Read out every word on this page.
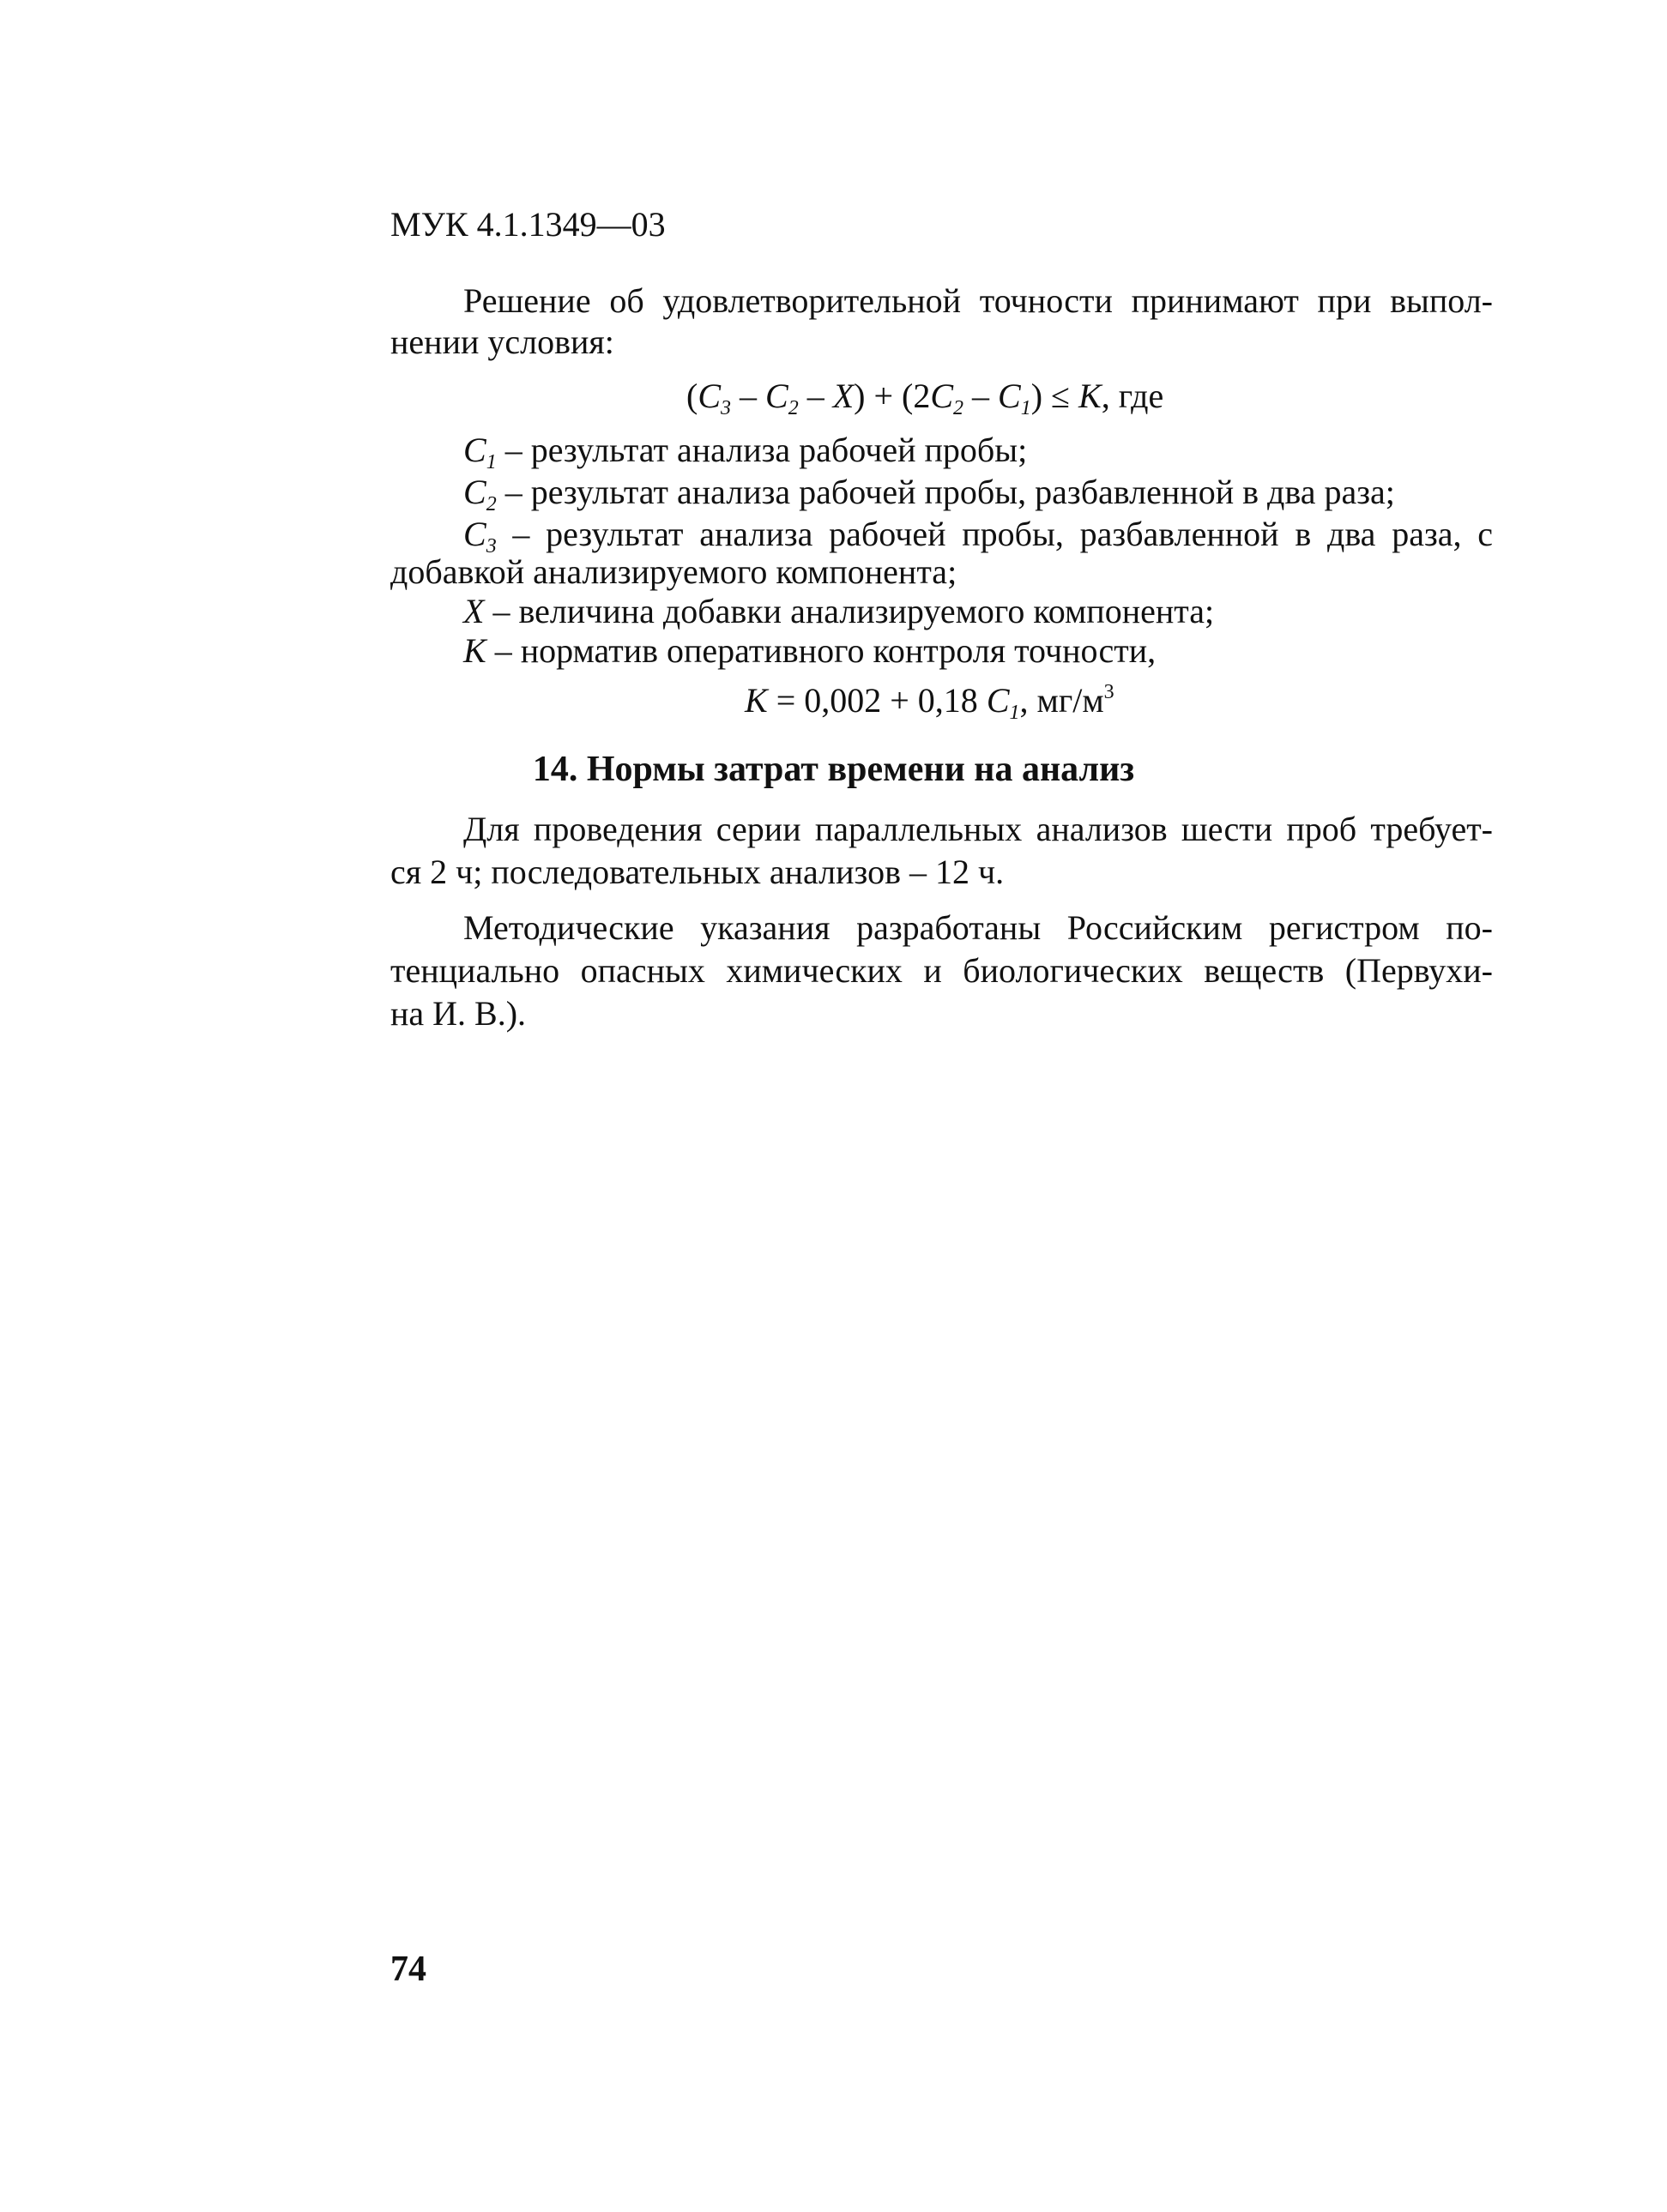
МУК 4.1.1349—03
Решение об удовлетворительной точности принимают при выпол-
нении условия:
$(C_3 - C_2 - X) + (2C_2 - C_1) \le K$, где
$C_1$ – результат анализа рабочей пробы;
$C_2$ – результат анализа рабочей пробы, разбавленной в два раза;
$C_3$ – результат анализа рабочей пробы, разбавленной в два раза, с
добавкой анализируемого компонента;
X – величина добавки анализируемого компонента;
K – норматив оперативного контроля точности,
K = 0,002 + 0,18 $C_1$, $мг/м^3$
14. Нормы затрат времени на анализ
Для проведения серии параллельных анализов шести проб требует-
ся 2 ч; последовательных анализов – 12 ч.
Методические указания разработаны Российским регистром по-
тенциально опасных химических и биологических веществ (Первухи-
на И. В.).
74
